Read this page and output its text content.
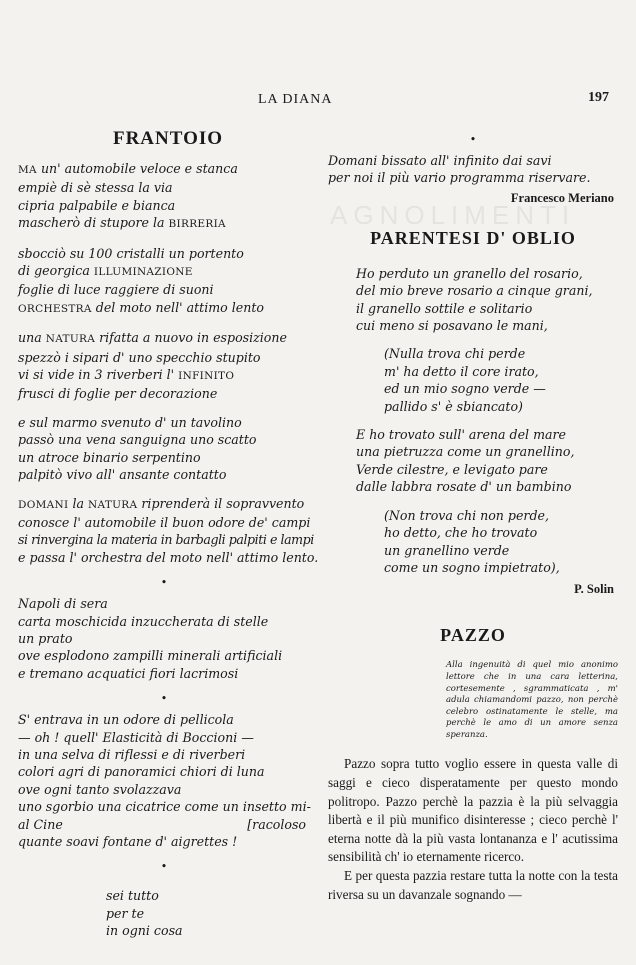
AGNOLIMENTI
LA DIANA	197
FRANTOIO
MA un' automobile veloce e stanca
empiè di sè stessa la via
cipria palpabile e bianca
mascherò di stupore la BIRRERIA
sbocciò su 100 cristalli un portento
di georgica ILLUMINAZIONE
foglie di luce raggiere di suoni
ORCHESTRA del moto nell' attimo lento
una NATURA rifatta a nuovo in esposizione
spezzò i sipari d' uno specchio stupito
vi si vide in 3 riverberi l' INFINITO
frusci di foglie per decorazione
e sul marmo svenuto d' un tavolino
passò una vena sanguigna uno scatto
un atroce binario serpentino
palpitò vivo all' ansante contatto
DOMANI la NATURA riprenderà il sopravvento
conosce l' automobile il buon odore de' campi
si rinvergina la materia in barbagli palpiti e lampi
e passa l' orchestra del moto nell' attimo lento.
•
Napoli di sera
carta moschicida inzuccherata di stelle
un prato
ove esplodono zampilli minerali artificiali
e tremano acquatici fiori lacrimosi
•
S' entrava in un odore di pellicola
— oh ! quell' Elasticità di Boccioni —
in una selva di riflessi e di riverberi
colori agri di panoramici chiori di luna
ove ogni tanto svolazzava
uno sgorbio una cicatrice come un insetto mi-
al Cine	[racoloso
quante soavi fontane d' aigrettes !
•
sei tutto
per te
in ogni cosa
•
Domani bissato all' infinito dai savi
per noi il più vario programma riservare.
Francesco Meriano
PARENTESI D' OBLIO
Ho perduto un granello del rosario,
del mio breve rosario a cinque grani,
il granello sottile e solitario
cui meno si posavano le mani,
(Nulla trova chi perde
m' ha detto il core irato,
ed un mio sogno verde —
pallido s' è sbiancato)
E ho trovato sull' arena del mare
una pietruzza come un granellino,
Verde cilestre, e levigato pare
dalle labbra rosate d' un bambino
(Non trova chi non perde,
ho detto, che ho trovato
un granellino verde
come un sogno impietrato),
P. Solin
PAZZO
Alla ingenuità di quel mio anonimo lettore che in una cara letterina, cortesemente , sgrammaticata , m' adula chiamandomi pazzo, non perchè celebro ostinatamente le stelle, ma perchè le amo di un amore senza speranza.

Pazzo sopra tutto voglio essere in questa valle di saggi e cieco disperatamente per questo mondo politropo. Pazzo perchè la pazzia è la più selvaggia libertà e il più munifico disinteresse ; cieco perchè l' eterna notte dà la più vasta lontananza e l' acutissima sensibilità ch' io eternamente ricerco.

E per questa pazzia restare tutta la notte con la testa riversa su un davanzale sognando —
